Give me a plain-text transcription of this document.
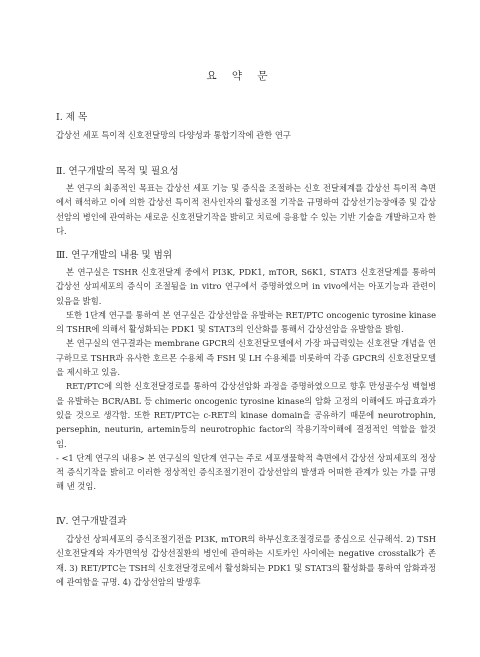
요 약 문

Ⅰ. 제 목

갑상선 세포 특이적 신호전달망의 다양성과 통합기작에 관한 연구

Ⅱ. 연구개발의 목적 및 필요성

본 연구의 최종적인 목표는 갑상선 세포 기능 및 증식을 조절하는 신호 전달체계를 갑상선 특이적 측면에서 해석하고 이에 의한 갑상선 특이적 전사인자의 활성조절 기작을 규명하여 갑상선기능장애증 및 갑상선암의 병인에 관여하는 새로운 신호전달기작을 밝히고 치료에 응용할 수 있는 기반 기술을 개발하고자 한다.

Ⅲ. 연구개발의 내용 및 범위

본 연구실은 TSHR 신호전달계 중에서 PI3K, PDK1, mTOR, S6K1, STAT3 신호전달계를 통하여 갑상선 상피세포의 증식이 조절됨을 in vitro 연구에서 증명하였으며 in vivo에서는 아포기능과 관련이 있음을 밝힘.

또한 1단계 연구를 통하여 본 연구실은 갑상선암을 유발하는 RET/PTC oncogenic tyrosine kinase의 TSHR에 의해서 활성화되는 PDK1 및 STAT3의 인산화를 통해서 갑상선암을 유발함을 밝힘.

본 연구실의 연구결과는 membrane GPCR의 신호전달모델에서 가장 파급력있는 신호전달 개념을 연구하므로 TSHR과 유사한 호르몬 수용체 즉 FSH 및 LH 수용체를 비롯하여 각종 GPCR의 신호전달모델을 제시하고 있음.

RET/PTC에 의한 신호전달경로를 통하여 갑상선암화 과정을 증명하였으므로 향후 만성골수성 백혈병을 유발하는 BCR/ABL 등 chimeric oncogenic tyrosine kinase의 암화 고정의 이해에도 파급효과가 있을 것으로 생각함. 또한 RET/PTC는 c-RET의 kinase domain을 공유하기 때문에 neurotrophin, persephin, neuturin, artemin등의 neurotrophic factor의 작용기작이해에 결정적인 역할을 할것임.

- <1 단계 연구의 내용> 본 연구실의 일단계 연구는 주로 세포생물학적 측면에서 갑상선 상피세포의 정상적 증식기작을 밝히고 이러한 정상적인 증식조절기전이 갑상선암의 발생과 어떠한 관계가 있는 가를 규명해 낸 것임.

Ⅳ. 연구개발결과

갑상선 상피세포의 증식조절기전을 PI3K, mTOR의 하부신호조절경로를 중심으로 신규해석. 2) TSH 신호전달계와 자가면역성 갑상선질환의 병인에 관여하는 시토카인 사이에는 negative crosstalk가 존재. 3) RET/PTC는 TSH의 신호전달경로에서 활성화되는 PDK1 및 STAT3의 활성화를 통하여 암화과정에 관여함을 규명. 4) 갑상선암의 발생후
